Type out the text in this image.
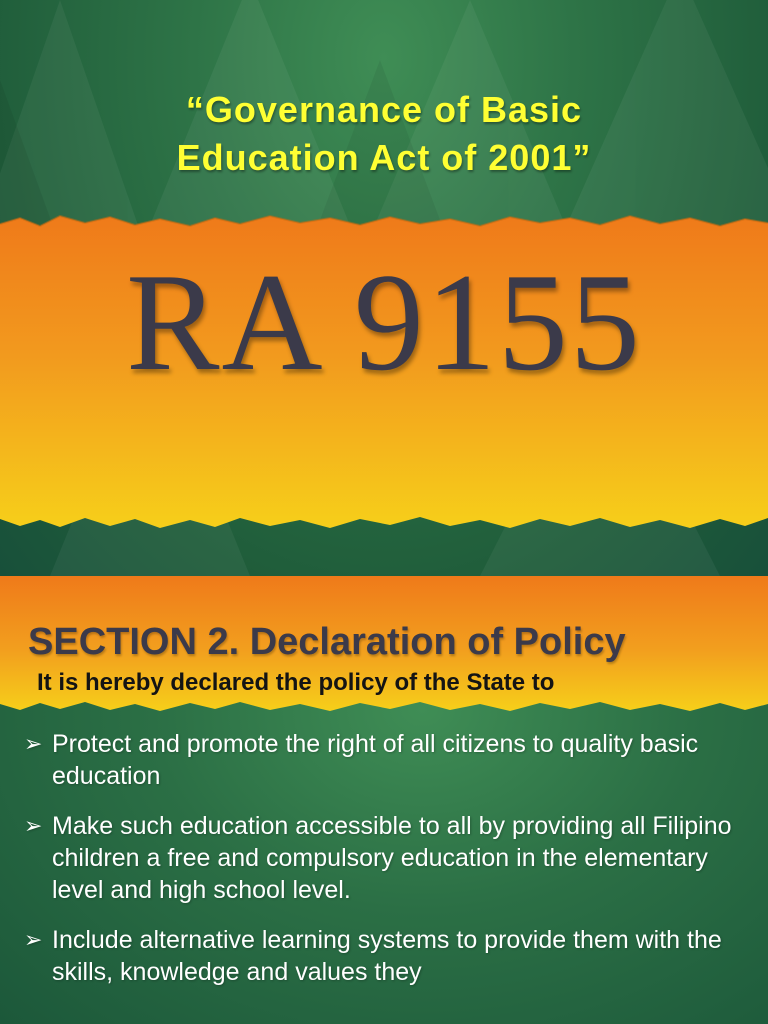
“Governance of Basic
Education Act of 2001”
RA 9155
SECTION 2. Declaration of Policy
It is hereby declared the policy of the State to
➢ Protect and promote the right of all citizens to quality basic education
➢ Make such education accessible to all by providing all Filipino children a free and compulsory education in the elementary level and high school level.
➢ Include alternative learning systems to provide them with the skills, knowledge and values they
